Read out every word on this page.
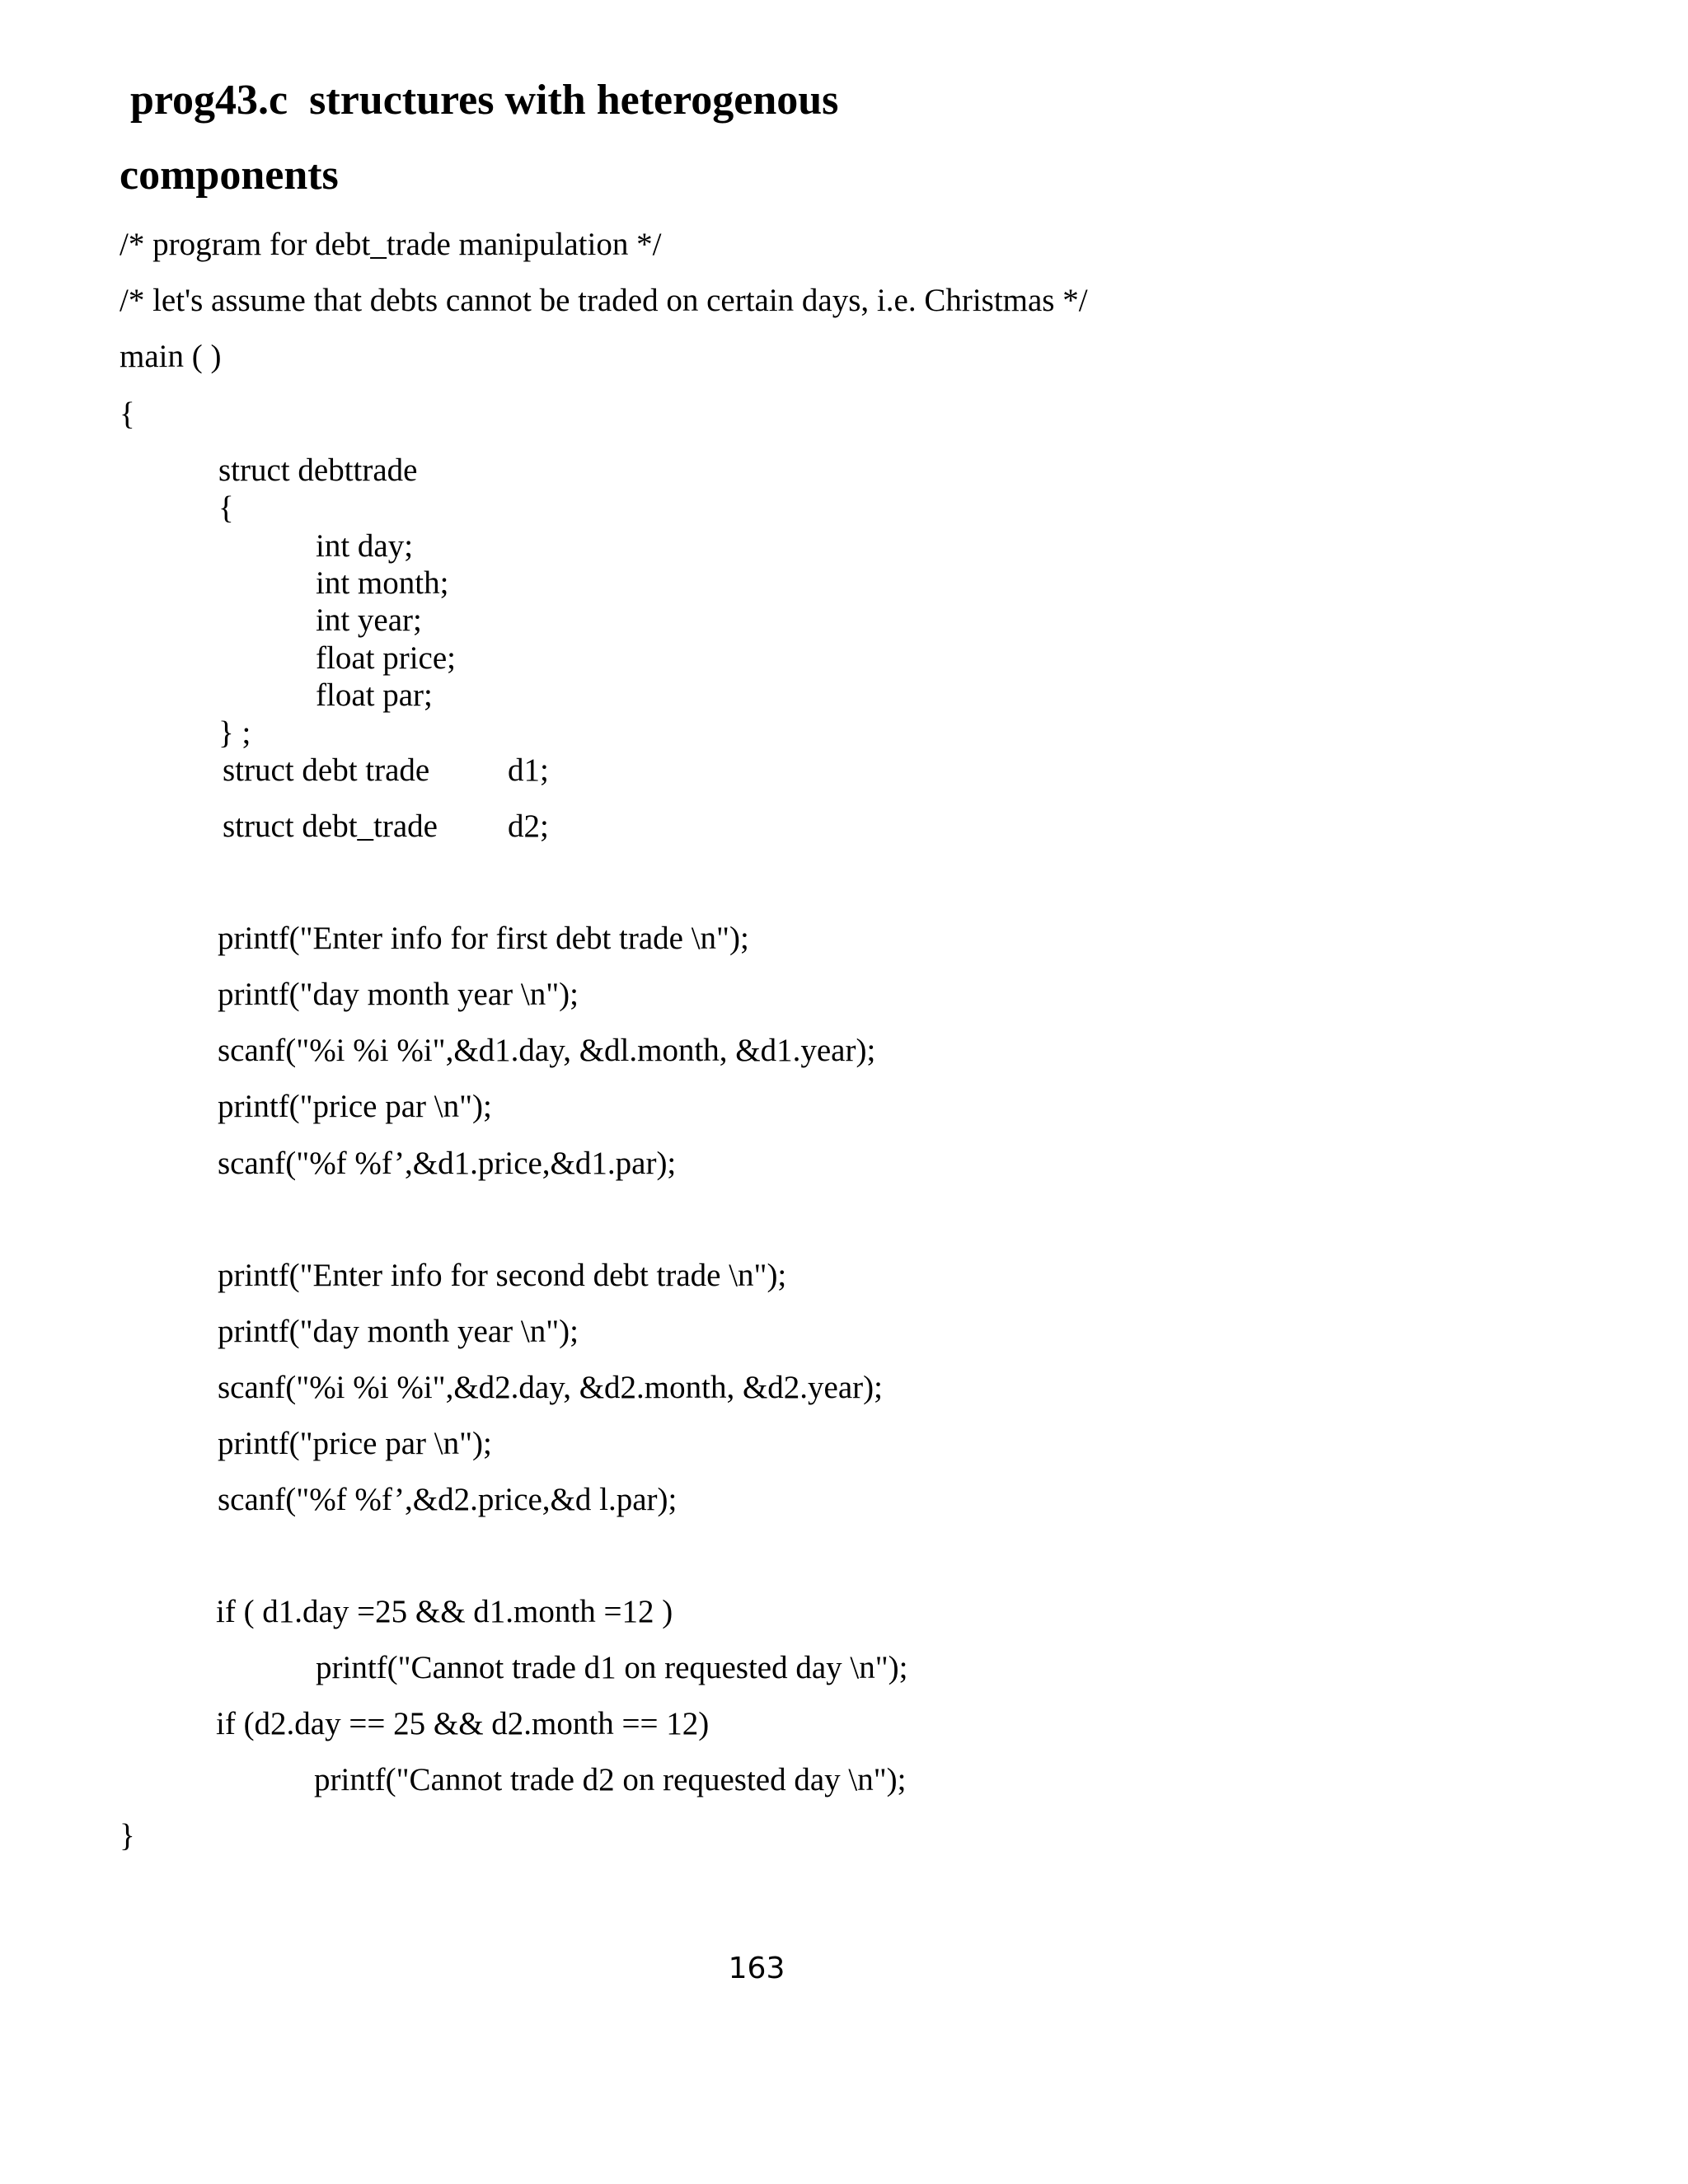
prog43.c  structures with heterogenous
components
/* program for debt_trade manipulation */
/* let's assume that debts cannot be traded on certain days, i.e. Christmas */
main ( )
{
struct debttrade
{
int day;
int month;
int year;
float price;
float par;
} ;
struct debt trade d1;
struct debt_trade d2;
printf("Enter info for first debt trade \n");
printf("day month year \n");
scanf("%i %i %i",&d1.day, &dl.month, &d1.year);
printf("price par \n");
scanf("%f %f’,&d1.price,&d1.par);
printf("Enter info for second debt trade \n");
printf("day month year \n");
scanf("%i %i %i",&d2.day, &d2.month, &d2.year);
printf("price par \n");
scanf("%f %f’,&d2.price,&d l.par);
if ( d1.day =25 && d1.month =12 )
printf("Cannot trade d1 on requested day \n");
if (d2.day == 25 && d2.month == 12)
printf("Cannot trade d2 on requested day \n");
}
163
